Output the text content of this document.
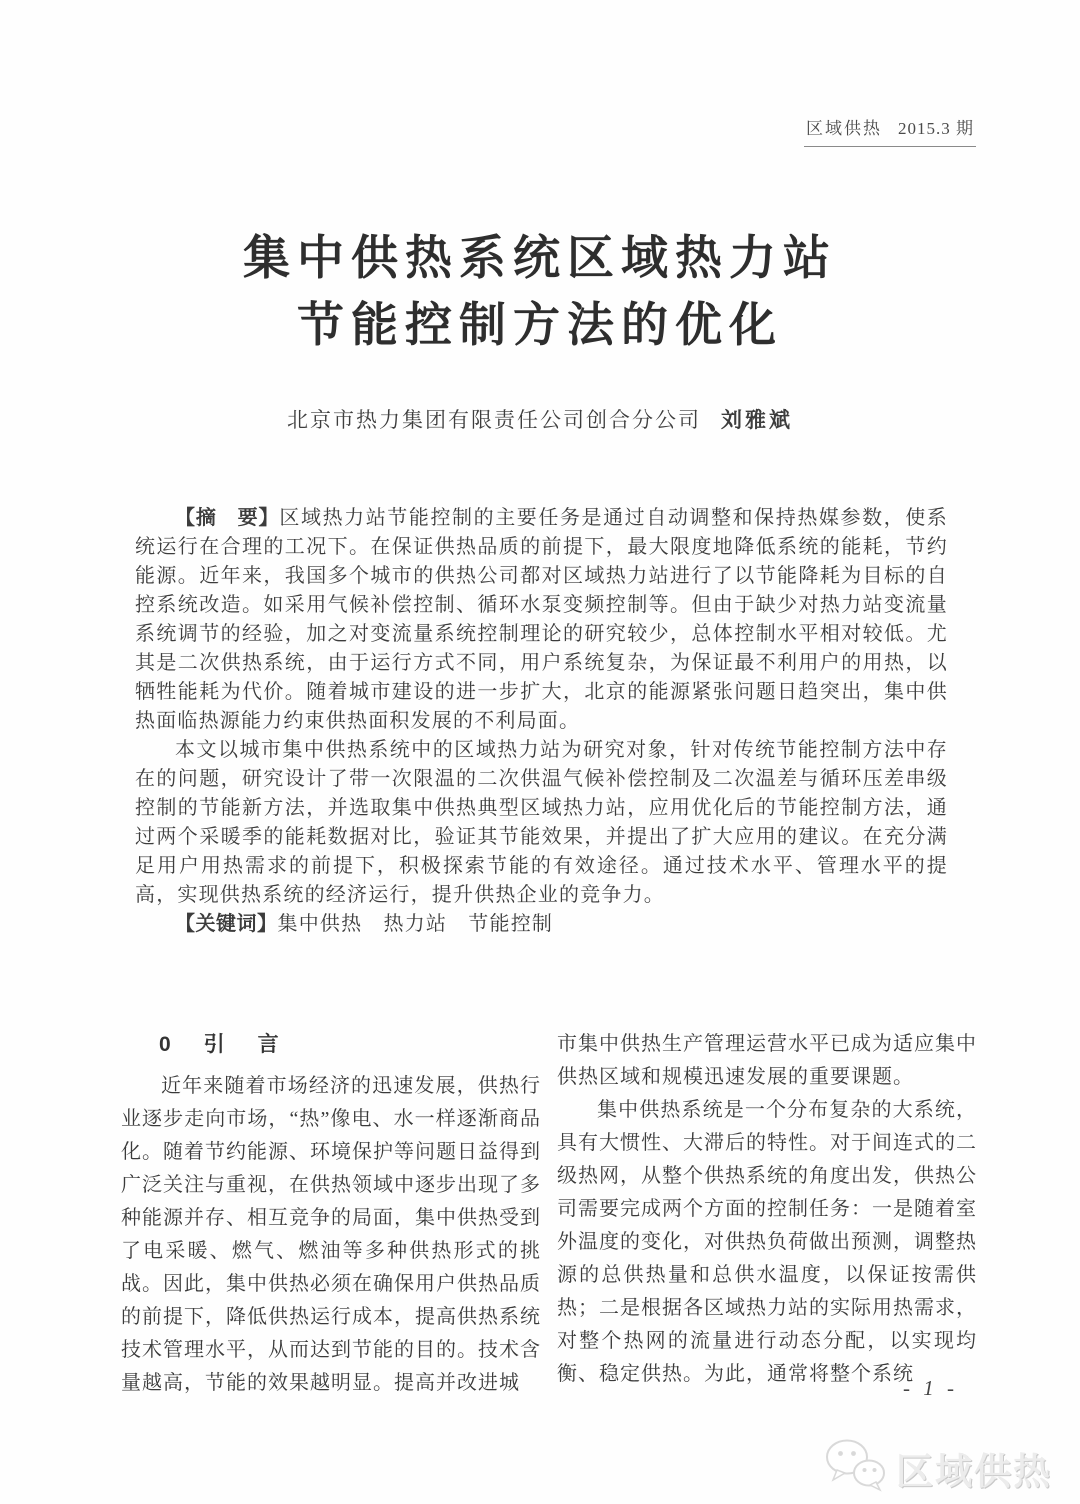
区域供热 2015.3 期
集中供热系统区域热力站
节能控制方法的优化
北京市热力集团有限责任公司创合分公司 刘雅斌

【摘　要】区域热力站节能控制的主要任务是通过自动调整和保持热媒参数，使系统运行在合理的工况下。在保证供热品质的前提下，最大限度地降低系统的能耗，节约能源。近年来，我国多个城市的供热公司都对区域热力站进行了以节能降耗为目标的自控系统改造。如采用气候补偿控制、循环水泵变频控制等。但由于缺少对热力站变流量系统调节的经验，加之对变流量系统控制理论的研究较少，总体控制水平相对较低。尤其是二次供热系统，由于运行方式不同，用户系统复杂，为保证最不利用户的用热，以牺牲能耗为代价。随着城市建设的进一步扩大，北京的能源紧张问题日趋突出，集中供热面临热源能力约束供热面积发展的不利局面。

本文以城市集中供热系统中的区域热力站为研究对象，针对传统节能控制方法中存在的问题，研究设计了带一次限温的二次供温气候补偿控制及二次温差与循环压差串级控制的节能新方法，并选取集中供热典型区域热力站，应用优化后的节能控制方法，通过两个采暖季的能耗数据对比，验证其节能效果，并提出了扩大应用的建议。在充分满足用户用热需求的前提下，积极探索节能的有效途径。通过技术水平、管理水平的提高，实现供热系统的经济运行，提升供热企业的竞争力。

【关键词】集中供热　热力站　节能控制

0　引　言

近年来随着市场经济的迅速发展，供热行业逐步走向市场，“热”像电、水一样逐渐商品化。随着节约能源、环境保护等问题日益得到广泛关注与重视，在供热领域中逐步出现了多种能源并存、相互竞争的局面，集中供热受到了电采暖、燃气、燃油等多种供热形式的挑战。因此，集中供热必须在确保用户供热品质的前提下，降低供热运行成本，提高供热系统技术管理水平，从而达到节能的目的。技术含量越高，节能的效果越明显。提高并改进城

市集中供热生产管理运营水平已成为适应集中供热区域和规模迅速发展的重要课题。

集中供热系统是一个分布复杂的大系统，具有大惯性、大滞后的特性。对于间连式的二级热网，从整个供热系统的角度出发，供热公司需要完成两个方面的控制任务：一是随着室外温度的变化，对供热负荷做出预测，调整热源的总供热量和总供水温度，以保证按需供热；二是根据各区域热力站的实际用热需求，对整个热网的流量进行动态分配，以实现均衡、稳定供热。为此，通常将整个系统

- 1 -
区域供热
